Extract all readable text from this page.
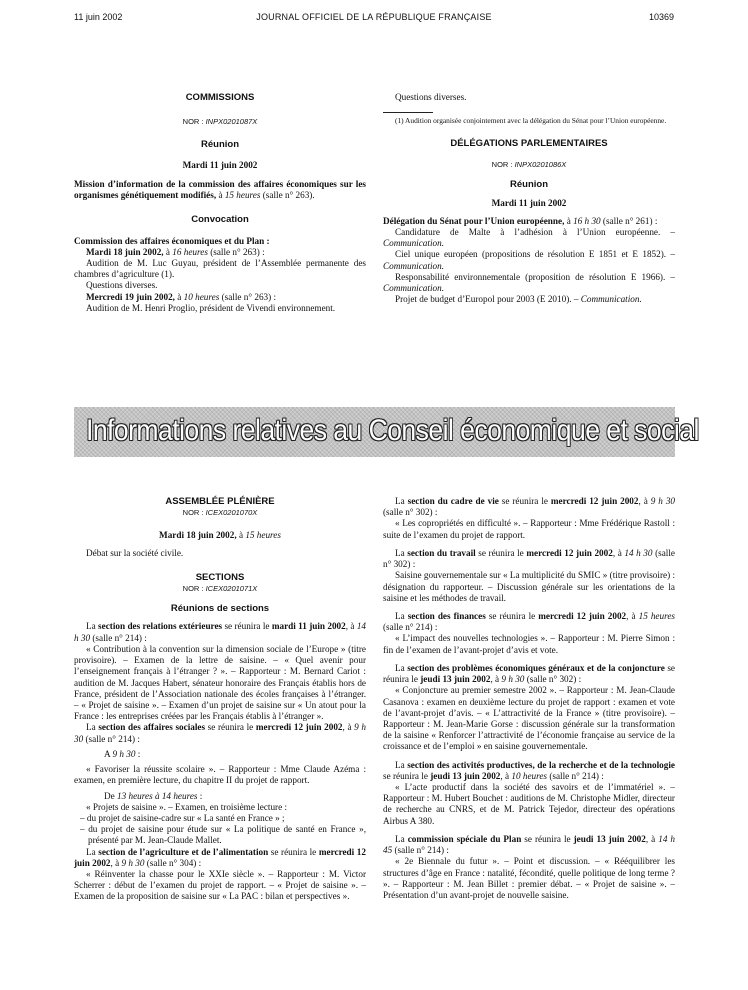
11 juin 2002	JOURNAL OFFICIEL DE LA RÉPUBLIQUE FRANÇAISE	10369
COMMISSIONS
NOR : INPX0201087X
Réunion
Mardi 11 juin 2002

Mission d’information de la commission des affaires économiques sur les organismes génétiquement modifiés, à 15 heures (salle n° 263).

Convocation

Commission des affaires économiques et du Plan :

Mardi 18 juin 2002, à 16 heures (salle n° 263) :

Audition de M. Luc Guyau, président de l’Assemblée permanente des chambres d’agriculture (1).

Questions diverses.

Mercredi 19 juin 2002, à 10 heures (salle n° 263) :

Audition de M. Henri Proglio, président de Vivendi environnement.

Questions diverses.

(1) Audition organisée conjointement avec la délégation du Sénat pour l’Union européenne.

DÉLÉGATIONS PARLEMENTAIRES
NOR : INPX0201086X
Réunion
Mardi 11 juin 2002

Délégation du Sénat pour l’Union européenne, à 16 h 30 (salle n° 261) :

Candidature de Malte à l’adhésion à l’Union européenne. – Communication.

Ciel unique européen (propositions de résolution E 1851 et E 1852). – Communication.

Responsabilité environnementale (proposition de résolution E 1966). – Communication.

Projet de budget d’Europol pour 2003 (E 2010). – Communication.

Informations relatives au Conseil économique et social
ASSEMBLÉE PLÉNIÈRE
NOR : ICEX0201070X
Mardi 18 juin 2002, à 15 heures

Débat sur la société civile.

SECTIONS
NOR : ICEX0201071X
Réunions de sections

La section des relations extérieures se réunira le mardi 11 juin 2002, à 14 h 30 (salle n° 214) :

« Contribution à la convention sur la dimension sociale de l’Europe » (titre provisoire). – Examen de la lettre de saisine. – « Quel avenir pour l’enseignement français à l’étranger ? ». – Rapporteur : M. Bernard Cariot : audition de M. Jacques Habert, sénateur honoraire des Français établis hors de France, président de l’Association nationale des écoles françaises à l’étranger. – « Projet de saisine ». – Examen d’un projet de saisine sur « Un atout pour la France : les entreprises créées par les Français établis à l’étranger ».

La section des affaires sociales se réunira le mercredi 12 juin 2002, à 9 h 30 (salle n° 214) :

A 9 h 30 :

« Favoriser la réussite scolaire ». – Rapporteur : Mme Claude Azéma : examen, en première lecture, du chapitre II du projet de rapport.

De 13 heures à 14 heures :

« Projets de saisine ». – Examen, en troisième lecture :

– du projet de saisine-cadre sur « La santé en France » ;

– du projet de saisine pour étude sur « La politique de santé en France », présenté par M. Jean-Claude Mallet.

La section de l’agriculture et de l’alimentation se réunira le mercredi 12 juin 2002, à 9 h 30 (salle n° 304) :

« Réinventer la chasse pour le XXIe siècle ». – Rapporteur : M. Victor Scherrer : début de l’examen du projet de rapport. – « Projet de saisine ». – Examen de la proposition de saisine sur « La PAC : bilan et perspectives ».

La section du cadre de vie se réunira le mercredi 12 juin 2002, à 9 h 30 (salle n° 302) :

« Les copropriétés en difficulté ». – Rapporteur : Mme Frédérique Rastoll : suite de l’examen du projet de rapport.

La section du travail se réunira le mercredi 12 juin 2002, à 14 h 30 (salle n° 302) :

Saisine gouvernementale sur « La multiplicité du SMIC » (titre provisoire) : désignation du rapporteur. – Discussion générale sur les orientations de la saisine et les méthodes de travail.

La section des finances se réunira le mercredi 12 juin 2002, à 15 heures (salle n° 214) :

« L’impact des nouvelles technologies ». – Rapporteur : M. Pierre Simon : fin de l’examen de l’avant-projet d’avis et vote.

La section des problèmes économiques généraux et de la conjoncture se réunira le jeudi 13 juin 2002, à 9 h 30 (salle n° 302) :

« Conjoncture au premier semestre 2002 ». – Rapporteur : M. Jean-Claude Casanova : examen en deuxième lecture du projet de rapport : examen et vote de l’avant-projet d’avis. – « L’attractivité de la France » (titre provisoire). – Rapporteur : M. Jean-Marie Gorse : discussion générale sur la transformation de la saisine « Renforcer l’attractivité de l’économie française au service de la croissance et de l’emploi » en saisine gouvernementale.

La section des activités productives, de la recherche et de la technologie se réunira le jeudi 13 juin 2002, à 10 heures (salle n° 214) :

« L’acte productif dans la société des savoirs et de l’immatériel ». – Rapporteur : M. Hubert Bouchet : auditions de M. Christophe Midler, directeur de recherche au CNRS, et de M. Patrick Tejedor, directeur des opérations Airbus A 380.

La commission spéciale du Plan se réunira le jeudi 13 juin 2002, à 14 h 45 (salle n° 214) :

« 2e Biennale du futur ». – Point et discussion. – « Rééquilibrer les structures d’âge en France : natalité, fécondité, quelle politique de long terme ? ». – Rapporteur : M. Jean Billet : premier débat. – « Projet de saisine ». – Présentation d’un avant-projet de nouvelle saisine.
